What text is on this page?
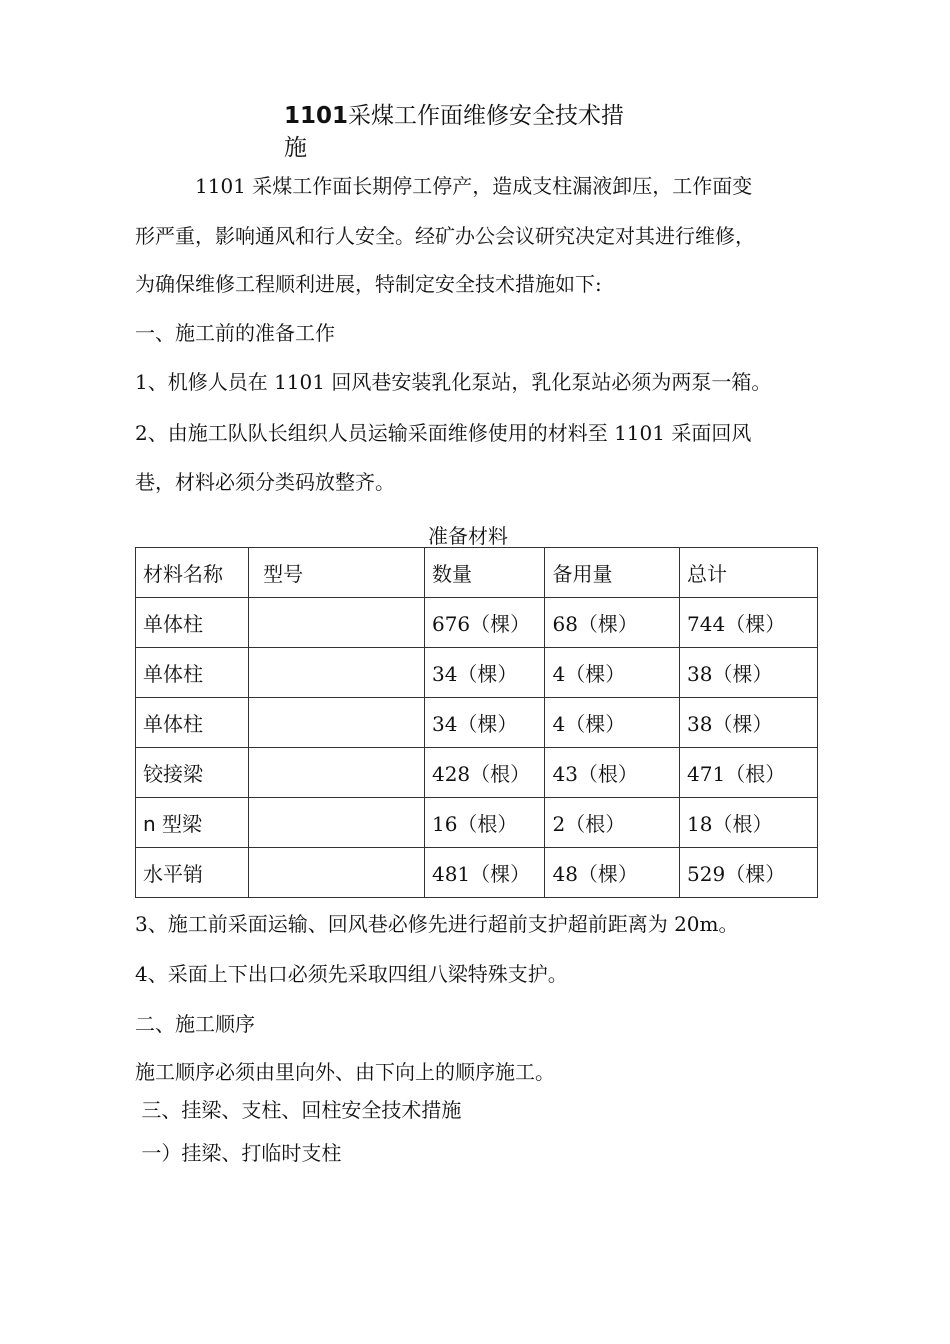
1101采煤工作面维修安全技术措
施
1101 采煤工作面长期停工停产，造成支柱漏液卸压，工作面变
形严重，影响通风和行人安全。经矿办公会议研究决定对其进行维修，
为确保维修工程顺利进展，特制定安全技术措施如下:
一、施工前的准备工作
1、机修人员在 1101 回风巷安装乳化泵站，乳化泵站必须为两泵一箱。
2、由施工队队长组织人员运输采面维修使用的材料至 1101 采面回风
巷，材料必须分类码放整齐。
准备材料
材料名称	型号	数量	备用量	总计
单体柱		676（棵）	68（棵）	744（棵）
单体柱		34（棵）	4（棵）	38（棵）
单体柱		34（棵）	4（棵）	38（棵）
铰接梁		428（根）	43（根）	471（根）
n 型梁		16（根）	2（根）	18（根）
水平销		481（棵）	48（棵）	529（棵）
3、施工前采面运输、回风巷必修先进行超前支护超前距离为 20m。
4、采面上下出口必须先采取四组八梁特殊支护。
二、施工顺序
施工顺序必须由里向外、由下向上的顺序施工。
三、挂梁、支柱、回柱安全技术措施
一）挂梁、打临时支柱
